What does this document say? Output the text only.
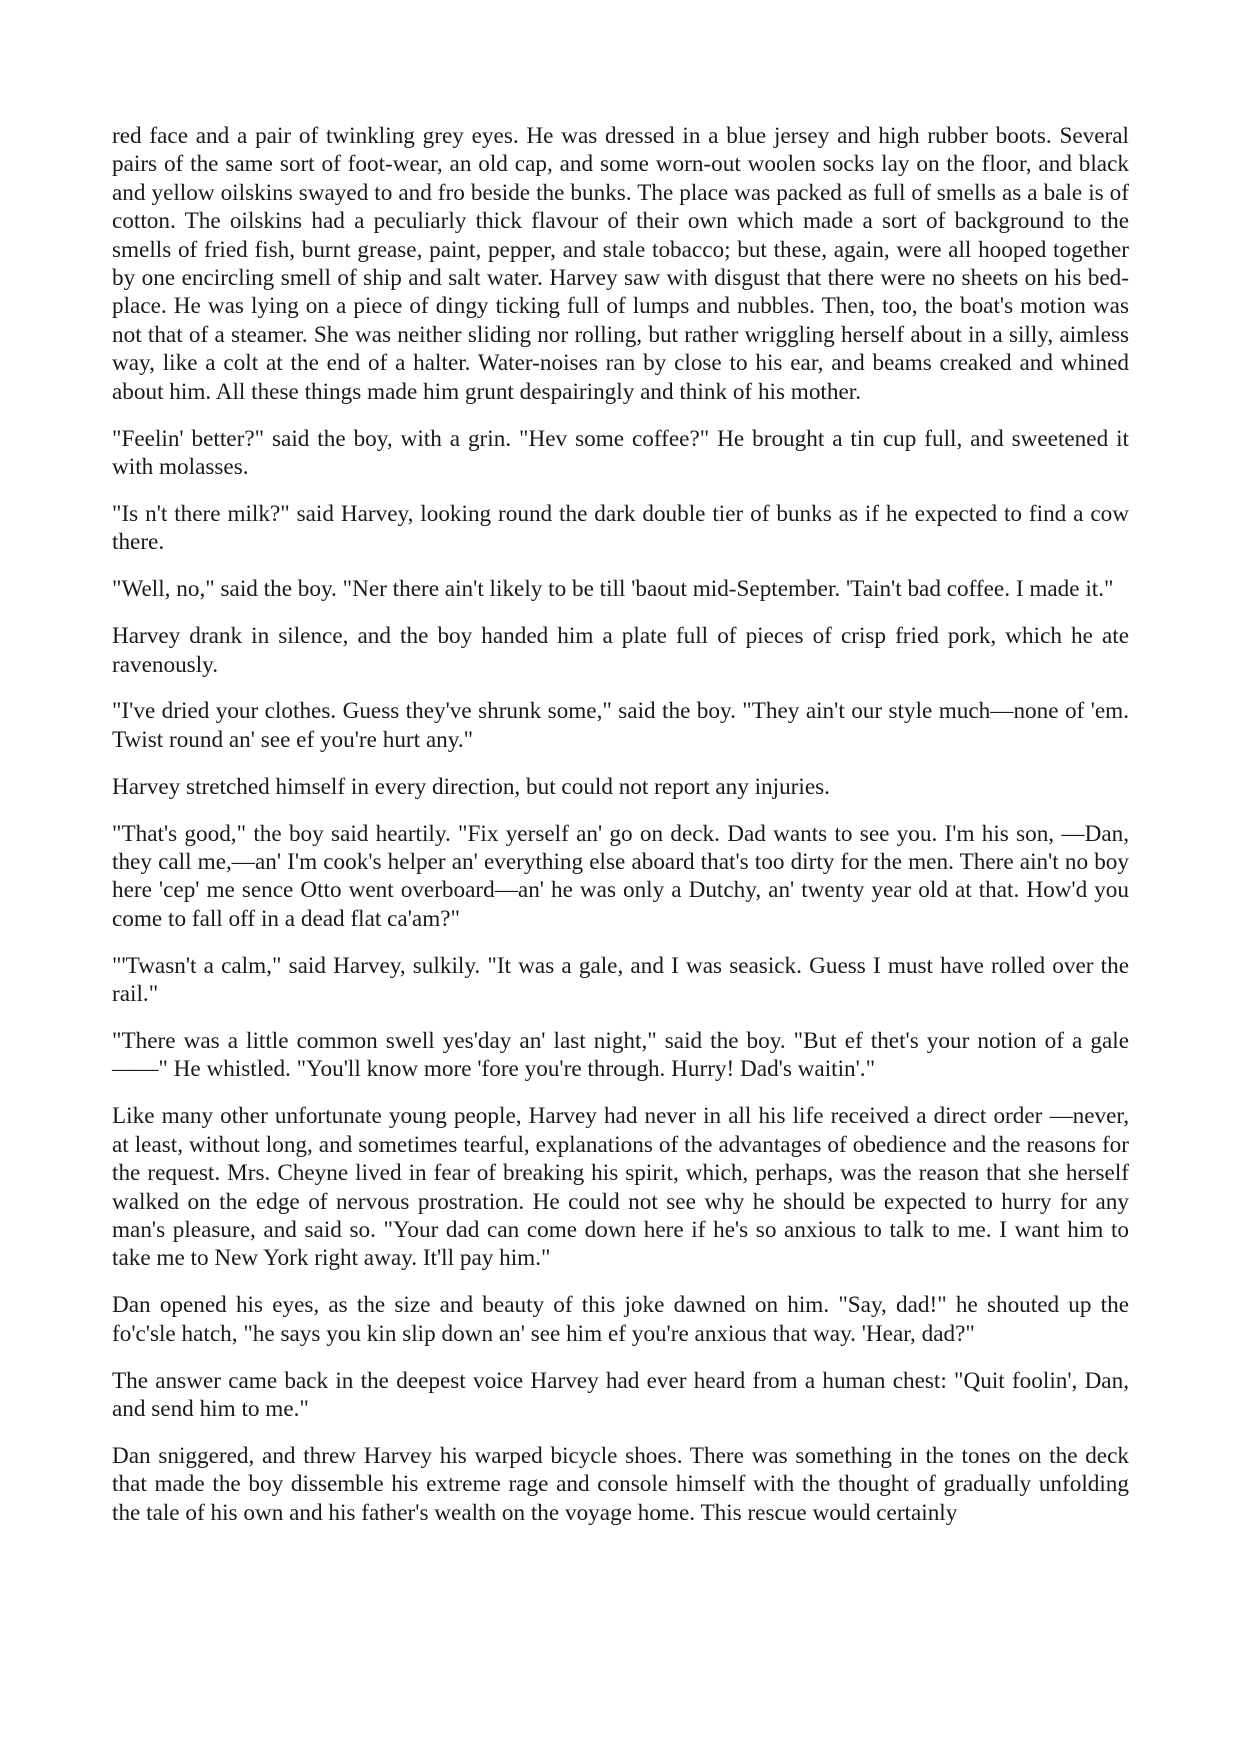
red face and a pair of twinkling grey eyes. He was dressed in a blue jersey and high rubber boots. Several pairs of the same sort of foot-wear, an old cap, and some worn-out woolen socks lay on the floor, and black and yellow oilskins swayed to and fro beside the bunks. The place was packed as full of smells as a bale is of cotton. The oilskins had a peculiarly thick flavour of their own which made a sort of background to the smells of fried fish, burnt grease, paint, pepper, and stale tobacco; but these, again, were all hooped together by one encircling smell of ship and salt water. Harvey saw with disgust that there were no sheets on his bed-place. He was lying on a piece of dingy ticking full of lumps and nubbles. Then, too, the boat's motion was not that of a steamer. She was neither sliding nor rolling, but rather wriggling herself about in a silly, aimless way, like a colt at the end of a halter. Water-noises ran by close to his ear, and beams creaked and whined about him. All these things made him grunt despairingly and think of his mother.

"Feelin' better?" said the boy, with a grin. "Hev some coffee?" He brought a tin cup full, and sweetened it with molasses.

"Is n't there milk?" said Harvey, looking round the dark double tier of bunks as if he expected to find a cow there.

"Well, no," said the boy. "Ner there ain't likely to be till 'baout mid-September. 'Tain't bad coffee. I made it."

Harvey drank in silence, and the boy handed him a plate full of pieces of crisp fried pork, which he ate ravenously.

"I've dried your clothes. Guess they've shrunk some," said the boy. "They ain't our style much—none of 'em. Twist round an' see ef you're hurt any."

Harvey stretched himself in every direction, but could not report any injuries.

"That's good," the boy said heartily. "Fix yerself an' go on deck. Dad wants to see you. I'm his son, —Dan, they call me,—an' I'm cook's helper an' everything else aboard that's too dirty for the men. There ain't no boy here 'cep' me sence Otto went overboard—an' he was only a Dutchy, an' twenty year old at that. How'd you come to fall off in a dead flat ca'am?"

"'Twasn't a calm," said Harvey, sulkily. "It was a gale, and I was seasick. Guess I must have rolled over the rail."

"There was a little common swell yes'day an' last night," said the boy. "But ef thet's your notion of a gale——" He whistled. "You'll know more 'fore you're through. Hurry! Dad's waitin'."

Like many other unfortunate young people, Harvey had never in all his life received a direct order —never, at least, without long, and sometimes tearful, explanations of the advantages of obedience and the reasons for the request. Mrs. Cheyne lived in fear of breaking his spirit, which, perhaps, was the reason that she herself walked on the edge of nervous prostration. He could not see why he should be expected to hurry for any man's pleasure, and said so. "Your dad can come down here if he's so anxious to talk to me. I want him to take me to New York right away. It'll pay him."

Dan opened his eyes, as the size and beauty of this joke dawned on him. "Say, dad!" he shouted up the fo'c'sle hatch, "he says you kin slip down an' see him ef you're anxious that way. 'Hear, dad?"

The answer came back in the deepest voice Harvey had ever heard from a human chest: "Quit foolin', Dan, and send him to me."

Dan sniggered, and threw Harvey his warped bicycle shoes. There was something in the tones on the deck that made the boy dissemble his extreme rage and console himself with the thought of gradually unfolding the tale of his own and his father's wealth on the voyage home. This rescue would certainly
